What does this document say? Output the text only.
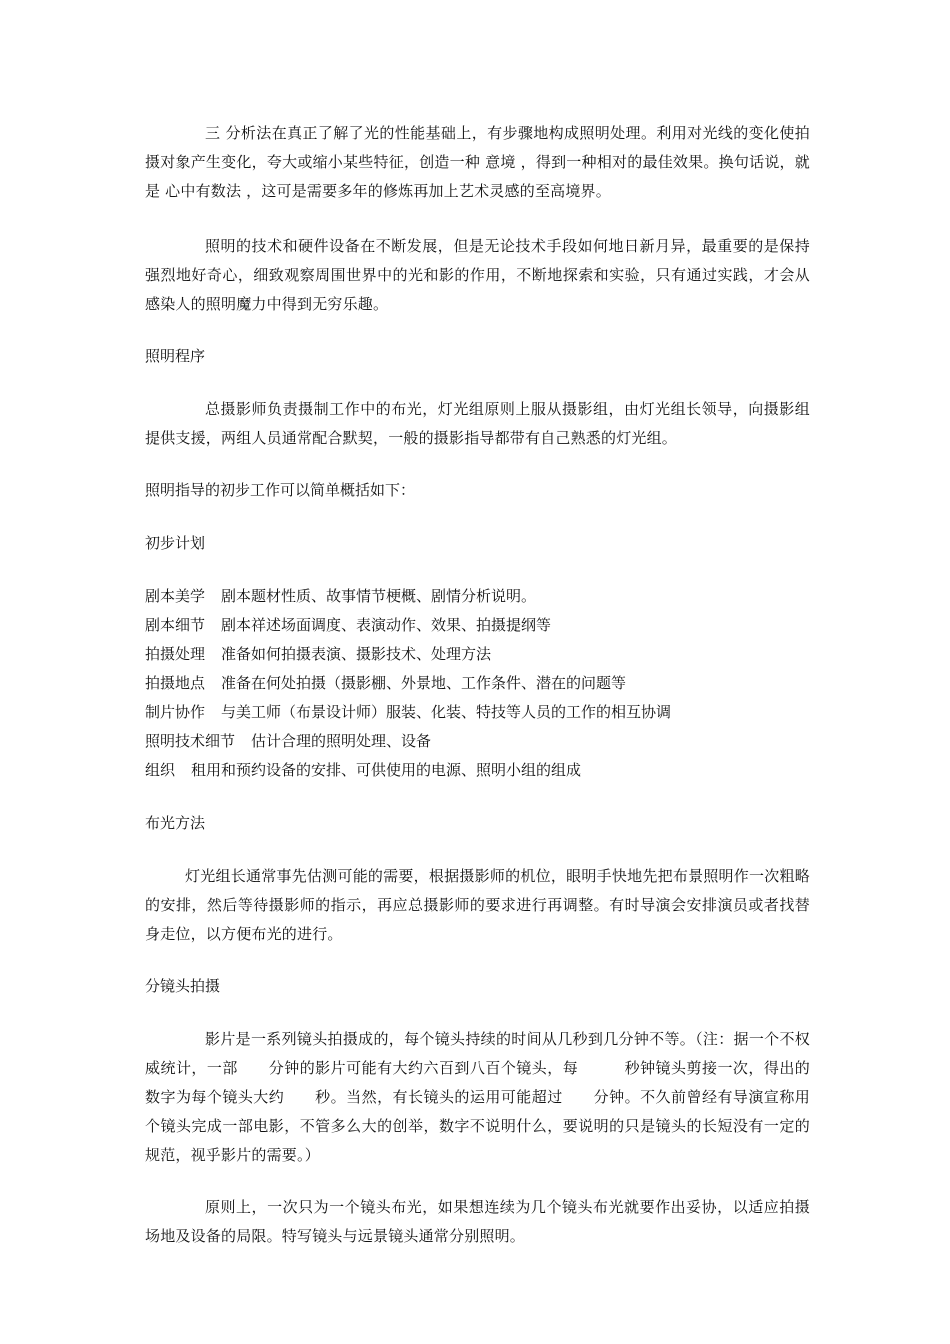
三 分析法在真正了解了光的性能基础上，有步骤地构成照明处理。利用对光线的变化使拍摄对象产生变化，夸大或缩小某些特征，创造一种 意境 ，得到一种相对的最佳效果。换句话说，就是 心中有数法 ，这可是需要多年的修炼再加上艺术灵感的至高境界。

照明的技术和硬件设备在不断发展，但是无论技术手段如何地日新月异，最重要的是保持强烈地好奇心，细致观察周围世界中的光和影的作用，不断地探索和实验，只有通过实践，才会从感染人的照明魔力中得到无穷乐趣。

照明程序

总摄影师负责摄制工作中的布光，灯光组原则上服从摄影组，由灯光组长领导，向摄影组提供支援，两组人员通常配合默契，一般的摄影指导都带有自己熟悉的灯光组。

照明指导的初步工作可以简单概括如下：

初步计划

剧本美学 剧本题材性质、故事情节梗概、剧情分析说明。
剧本细节 剧本祥述场面调度、表演动作、效果、拍摄提纲等
拍摄处理 准备如何拍摄表演、摄影技术、处理方法
拍摄地点 准备在何处拍摄（摄影棚、外景地、工作条件、潜在的问题等
制片协作 与美工师（布景设计师）服装、化装、特技等人员的工作的相互协调
照明技术细节 估计合理的照明处理、设备
组织 租用和预约设备的安排、可供使用的电源、照明小组的组成

布光方法

灯光组长通常事先估测可能的需要，根据摄影师的机位，眼明手快地先把布景照明作一次粗略的安排，然后等待摄影师的指示，再应总摄影师的要求进行再调整。有时导演会安排演员或者找替身走位，以方便布光的进行。

分镜头拍摄

影片是一系列镜头拍摄成的，每个镜头持续的时间从几秒到几分钟不等。（注：据一个不权威统计，一部　　分钟的影片可能有大约六百到八百个镜头，每　　　秒钟镜头剪接一次，得出的数字为每个镜头大约　　秒。当然，有长镜头的运用可能超过　　分钟。不久前曾经有导演宣称用　　个镜头完成一部电影，不管多么大的创举，数字不说明什么，要说明的只是镜头的长短没有一定的规范，视乎影片的需要。）

原则上，一次只为一个镜头布光，如果想连续为几个镜头布光就要作出妥协，以适应拍摄场地及设备的局限。特写镜头与远景镜头通常分别照明。
